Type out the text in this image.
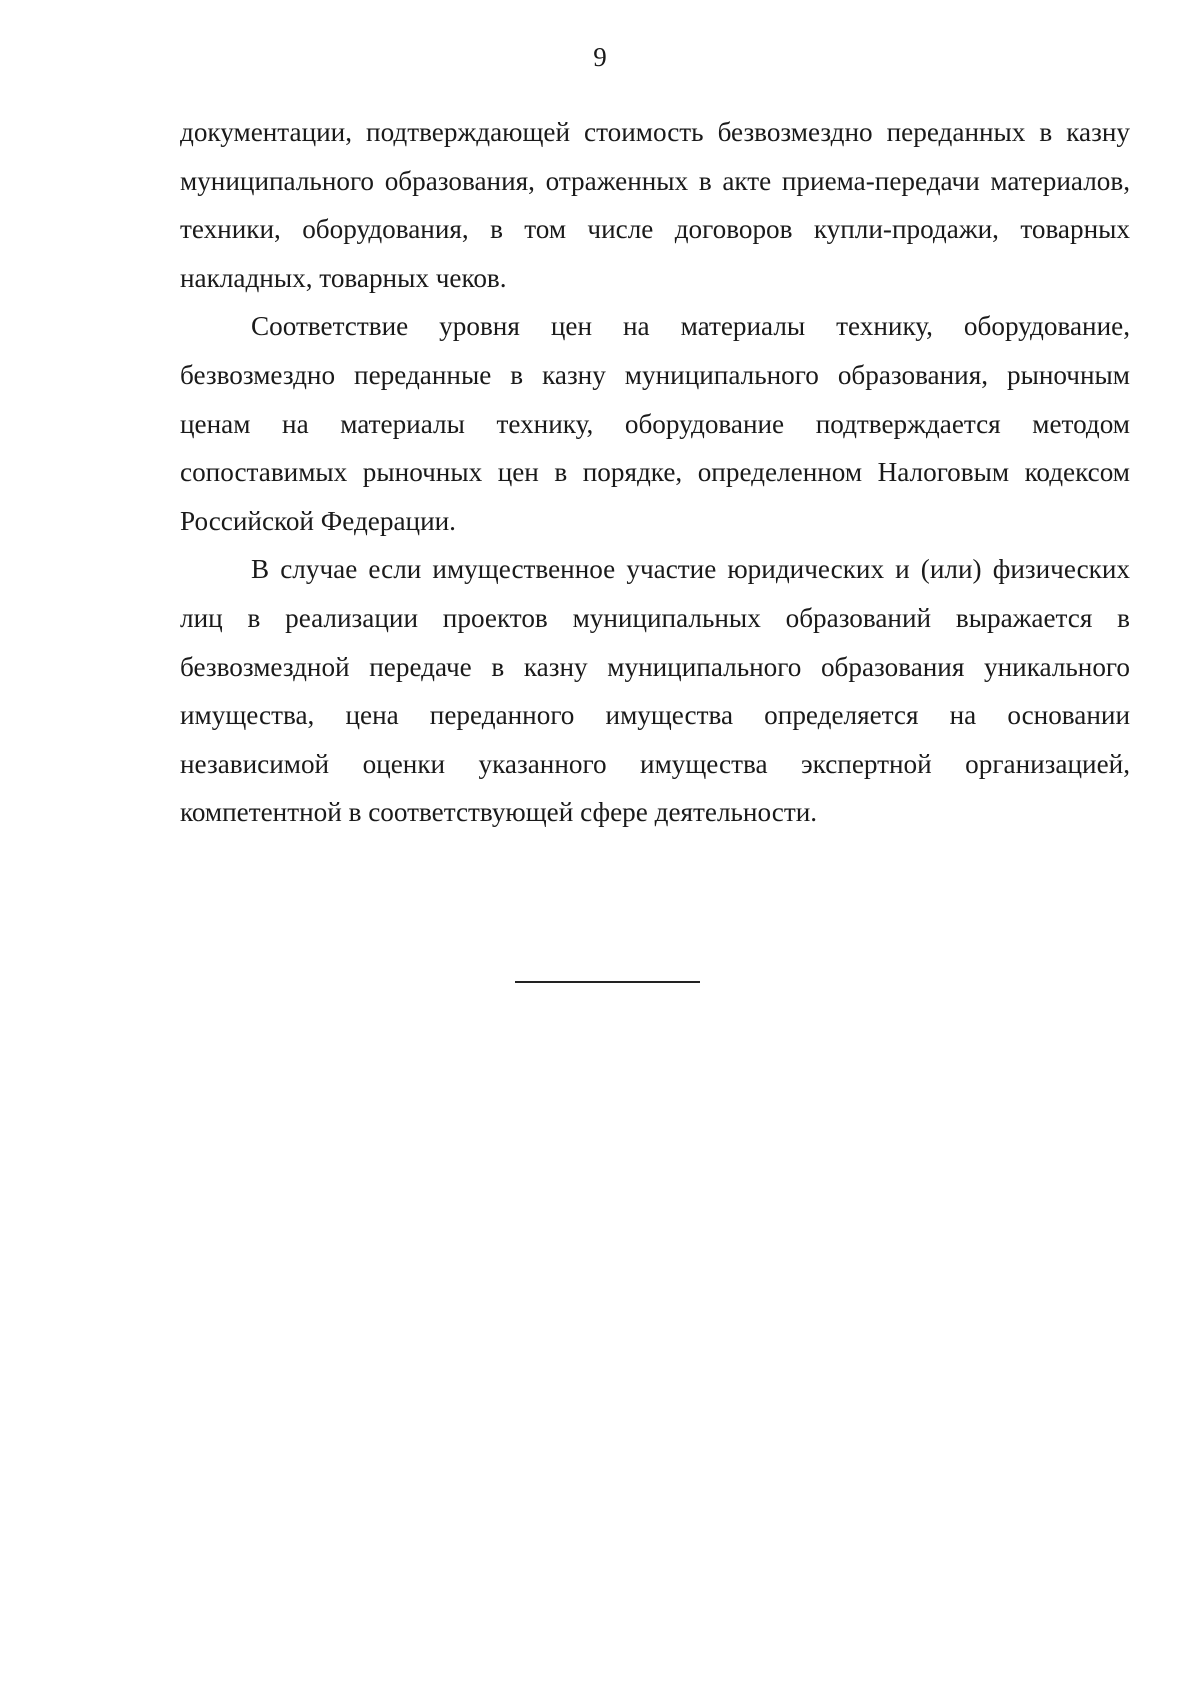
9

документации, подтверждающей стоимость безвозмездно переданных в казну муниципального образования, отраженных в акте приема-передачи материалов, техники, оборудования, в том числе договоров купли-продажи, товарных накладных, товарных чеков.

Соответствие уровня цен на материалы технику, оборудование, безвозмездно переданные в казну муниципального образования, рыночным ценам на материалы технику, оборудование подтверждается методом сопоставимых рыночных цен в порядке, определенном Налоговым кодексом Российской Федерации.

В случае если имущественное участие юридических и (или) физических лиц в реализации проектов муниципальных образований выражается в безвозмездной передаче в казну муниципального образования уникального имущества, цена переданного имущества определяется на основании независимой оценки указанного имущества экспертной организацией, компетентной в соответствующей сфере деятельности.
